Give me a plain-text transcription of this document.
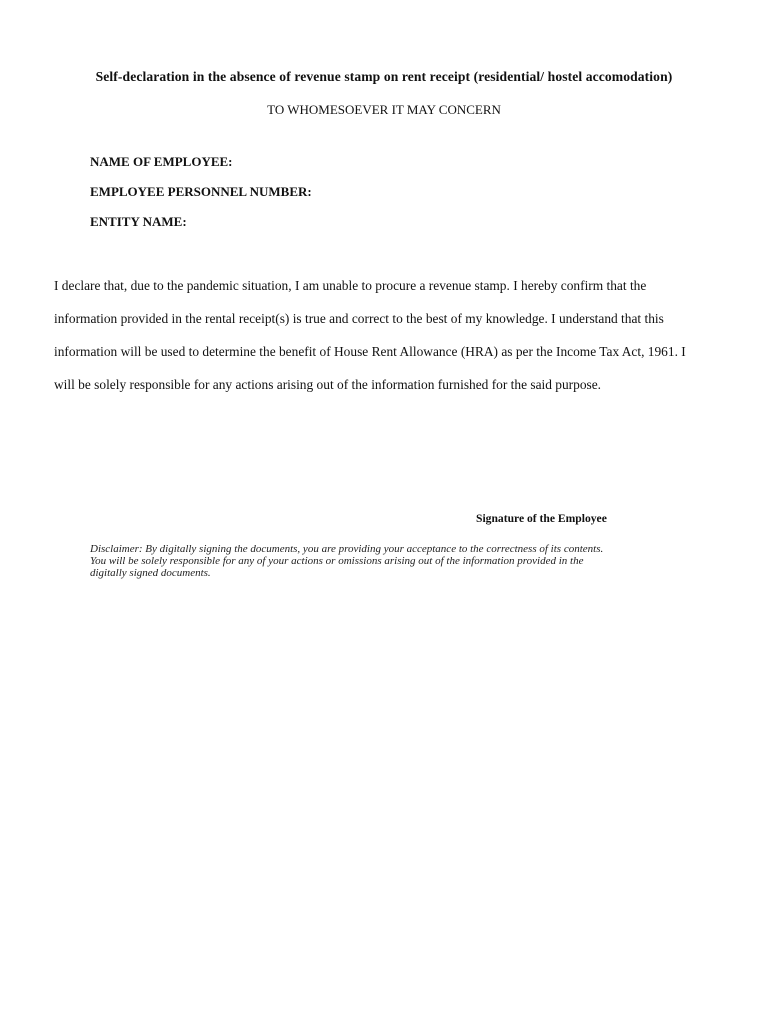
Self-declaration in the absence of revenue stamp on rent receipt (residential/ hostel accomodation)
TO WHOMESOEVER IT MAY CONCERN
NAME OF EMPLOYEE:
EMPLOYEE PERSONNEL NUMBER:
ENTITY NAME:
I declare that, due to the pandemic situation, I am unable to procure a revenue stamp. I hereby confirm that the
information provided in the rental receipt(s) is true and correct to the best of my knowledge. I understand that this
information will be used to determine the benefit of House Rent Allowance (HRA) as per the Income Tax Act, 1961. I
will be solely responsible for any actions arising out of the information furnished for the said purpose.
Signature of the Employee
Disclaimer: By digitally signing the documents, you are providing your acceptance to the correctness of its contents.
You will be solely responsible for any of your actions or omissions arising out of the information provided in the
digitally signed documents.
